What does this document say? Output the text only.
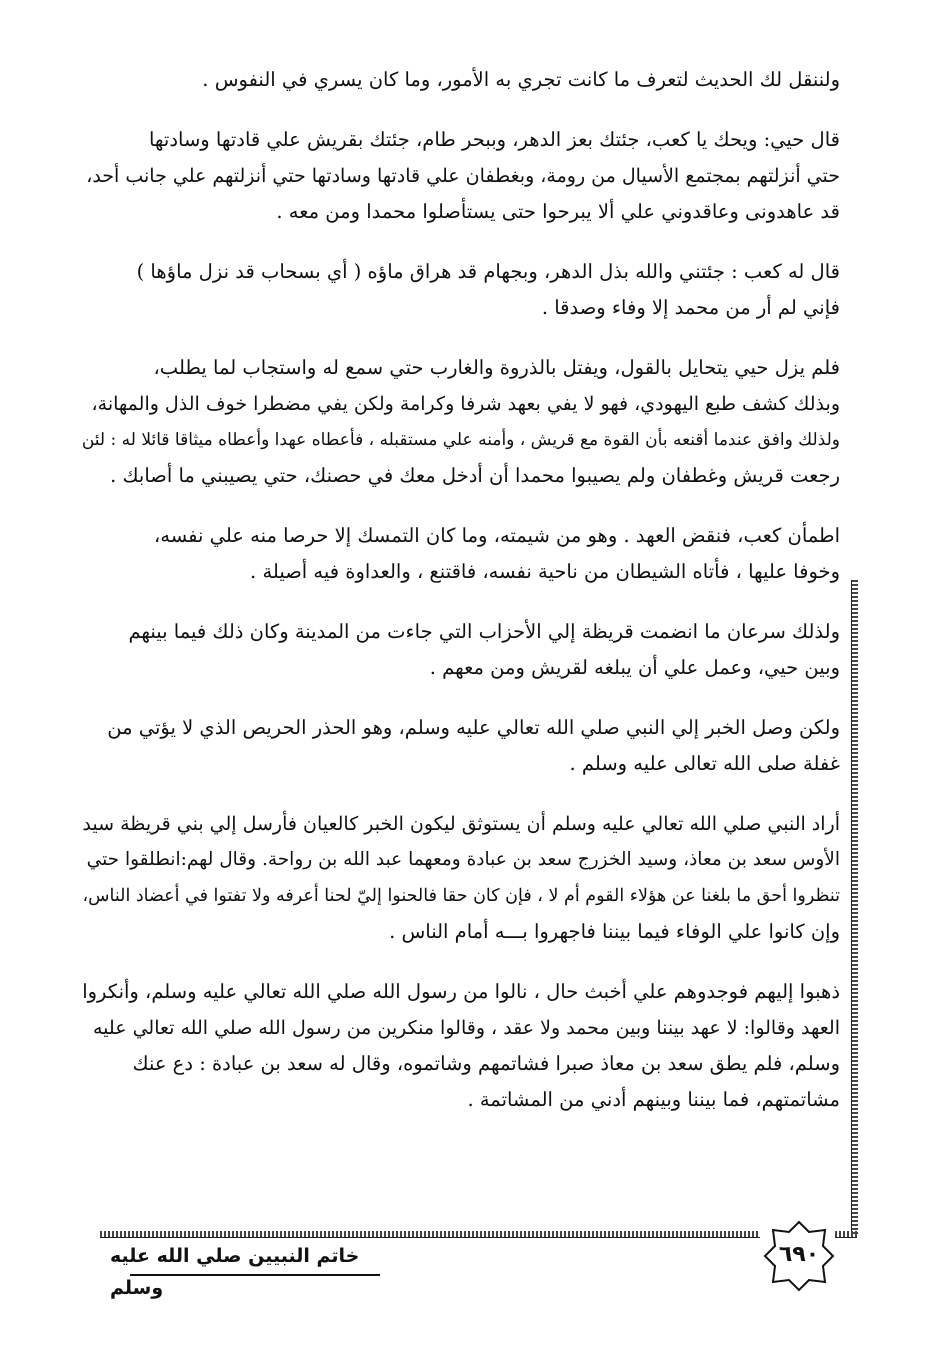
ولننقل لك الحديث لتعرف ما كانت تجري به الأمور، وما كان يسري في النفوس .

قال حيي: ويحك يا كعب، جئتك بعز الدهر، وببحر طام، جئتك بقريش علي قادتها وسادتها
حتي أنزلتهم بمجتمع الأسيال من رومة، وبغطفان علي قادتها وسادتها حتي أنزلتهم علي جانب أحد،
قد عاهدونى وعاقدوني علي ألا يبرحوا حتى يستأصلوا محمدا ومن معه .

قال له كعب : جئتني والله بذل الدهر، وبجهام قد هراق ماؤه ( أي بسحاب قد نزل ماؤها )
فإني لم أر من محمد إلا وفاء وصدقا .

فلم يزل حيي يتحايل بالقول، ويفتل بالذروة والغارب حتي سمع له واستجاب لما يطلب،
وبذلك كشف طبع اليهودي، فهو لا يفي بعهد شرفا وكرامة ولكن يفي مضطرا خوف الذل والمهانة،
ولذلك وافق عندما أقنعه بأن القوة مع قريش ، وأمنه علي مستقبله ، فأعطاه عهدا وأعطاه ميثاقا قائلا له : لئن
رجعت قريش وغطفان ولم يصيبوا محمدا أن أدخل معك في حصنك، حتي يصيبني ما أصابك .

اطمأن كعب، فنقض العهد . وهو من شيمته، وما كان التمسك إلا حرصا منه علي نفسه،
وخوفا عليها ، فأتاه الشيطان من ناحية نفسه، فاقتنع ، والعداوة فيه أصيلة .

ولذلك سرعان ما انضمت قريظة إلي الأحزاب التي جاءت من المدينة وكان ذلك فيما بينهم
وبين حيي، وعمل علي أن يبلغه لقريش ومن معهم .

ولكن وصل الخبر إلي النبي صلي الله تعالي عليه وسلم، وهو الحذر الحريص الذي لا يؤتي من
غفلة صلى الله تعالى عليه وسلم .

أراد النبي صلي الله تعالي عليه وسلم أن يستوثق ليكون الخبر كالعيان فأرسل إلي بني قريظة سيد
الأوس سعد بن معاذ، وسيد الخزرج سعد بن عبادة ومعهما عبد الله بن رواحة. وقال لهم:انطلقوا حتي
تنظروا أحق ما بلغنا عن هؤلاء القوم أم لا ، فإن كان حقا فالحنوا إليّ لحنا أعرفه ولا تفتوا في أعضاد الناس،
وإن كانوا علي الوفاء فيما بيننا فاجهروا بـــه أمام الناس .

ذهبوا إليهم فوجدوهم علي أخبث حال ، نالوا من رسول الله صلي الله تعالي عليه وسلم، وأنكروا
العهد وقالوا: لا عهد بيننا وبين محمد ولا عقد ، وقالوا منكرين من رسول الله صلي الله تعالي عليه
وسلم، فلم يطق سعد بن معاذ صبرا فشاتمهم وشاتموه، وقال له سعد بن عبادة : دع عنك
مشاتمتهم، فما بيننا وبينهم أدني من المشاتمة .

خاتم النبيين صلي الله عليه وسلم
٦٩٠
